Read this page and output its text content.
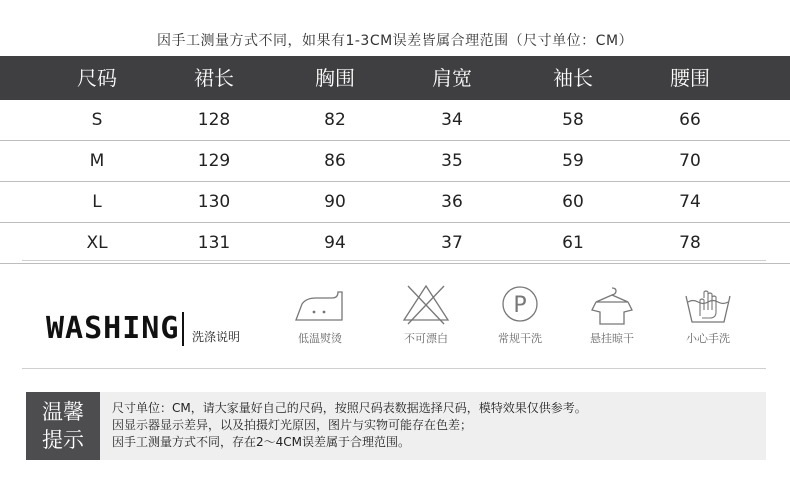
因手工测量方式不同，如果有1-3CM误差皆属合理范围（尺寸单位：CM）
尺码	裙长	胸围	肩宽	袖长	腰围
S	128	82	34	58	66
M	129	86	35	59	70
L	130	90	36	60	74
XL	131	94	37	61	78
WASHING 洗涤说明	低温熨烫	不可漂白
P
常规干洗	悬挂晾干	小心手洗
温馨
提示
尺寸单位：CM，请大家量好自己的尺码，按照尺码表数据选择尺码，模特效果仅供参考。
因显示器显示差异，以及拍摄灯光原因，图片与实物可能存在色差；
因手工测量方式不同，存在2～4CM误差属于合理范围。
